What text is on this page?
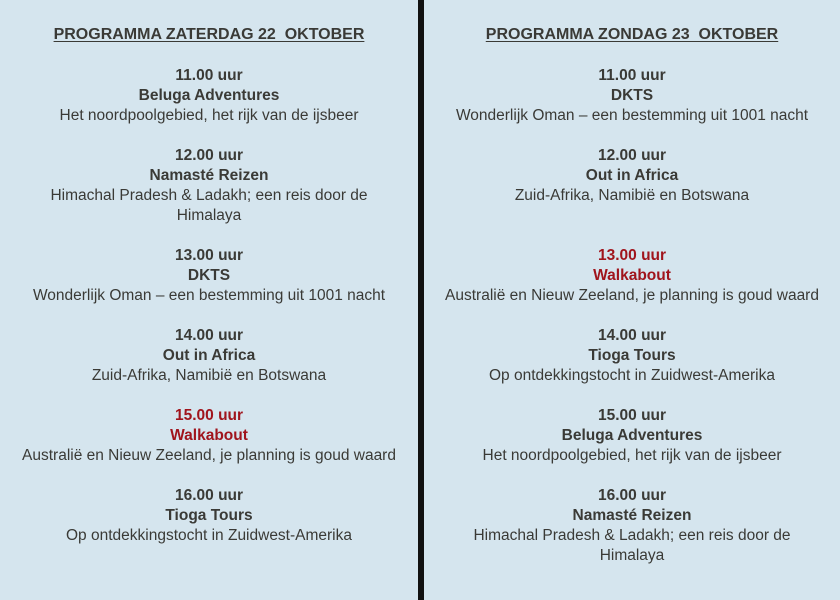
PROGRAMMA ZATERDAG 22  OKTOBER
11.00 uur
Beluga Adventures
Het noordpoolgebied, het rijk van de ijsbeer
12.00 uur
Namasté Reizen
Himachal Pradesh & Ladakh; een reis door de
Himalaya
13.00 uur
DKTS
Wonderlijk Oman – een bestemming uit 1001 nacht
14.00 uur
Out in Africa
Zuid-Afrika, Namibië en Botswana
15.00 uur
Walkabout
Australië en Nieuw Zeeland, je planning is goud waard
16.00 uur
Tioga Tours
Op ontdekkingstocht in Zuidwest-Amerika
PROGRAMMA ZONDAG 23  OKTOBER
11.00 uur
DKTS
Wonderlijk Oman – een bestemming uit 1001 nacht
12.00 uur
Out in Africa
Zuid-Afrika, Namibië en Botswana
13.00 uur
Walkabout
Australië en Nieuw Zeeland, je planning is goud waard
14.00 uur
Tioga Tours
Op ontdekkingstocht in Zuidwest-Amerika
15.00 uur
Beluga Adventures
Het noordpoolgebied, het rijk van de ijsbeer
16.00 uur
Namasté Reizen
Himachal Pradesh & Ladakh; een reis door de
Himalaya
